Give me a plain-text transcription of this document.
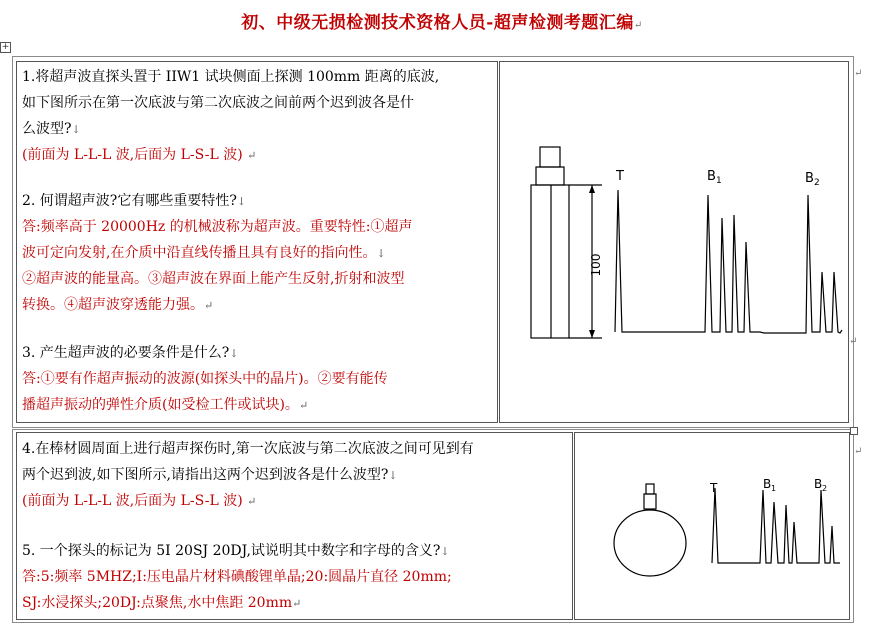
初、中级无损检测技术资格人员-超声检测考题汇编↵
+
↵
↵
1.将超声波直探头置于 IIW1 试块侧面上探测 100mm 距离的底波,
如下图所示在第一次底波与第二次底波之间前两个迟到波各是什
么波型?↓
(前面为 L-L-L 波,后面为 L-S-L 波) ↵
2. 何谓超声波?它有哪些重要特性?↓
答:频率高于 20000Hz 的机械波称为超声波。重要特性:①超声
波可定向发射,在介质中沿直线传播且具有良好的指向性。↓
②超声波的能量高。③超声波在界面上能产生反射,折射和波型
转换。④超声波穿透能力强。↵
3. 产生超声波的必要条件是什么?↓
答:①要有作超声振动的波源(如探头中的晶片)。②要有能传
播超声振动的弹性介质(如受检工件或试块)。↵
100
T	B 1	B 2
↵
4.在棒材圆周面上进行超声探伤时,第一次底波与第二次底波之间可见到有
两个迟到波,如下图所示,请指出这两个迟到波各是什么波型?↓
(前面为 L-L-L 波,后面为 L-S-L 波) ↵
5. 一个探头的标记为 5I 20SJ 20DJ,试说明其中数字和字母的含义?↓
答:5:频率 5MHZ;I:压电晶片材料碘酸锂单晶;20:圆晶片直径 20mm;
SJ:水浸探头;20DJ:点聚焦,水中焦距 20mm↵
T	B 1	B 2
